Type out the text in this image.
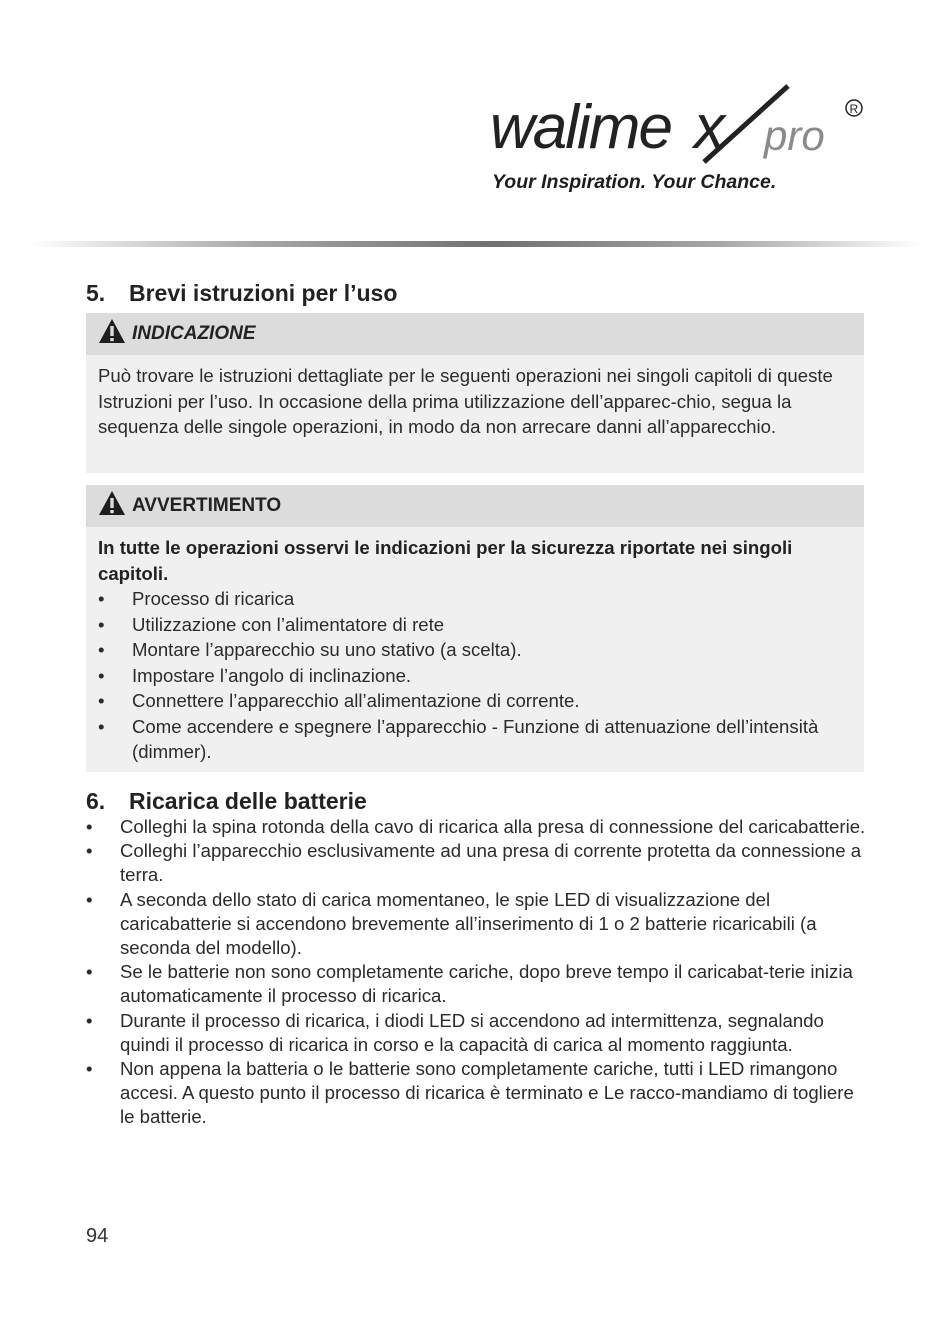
walime x pro
R
Your Inspiration. Your Chance.
5. Brevi istruzioni per l’uso
INDICAZIONE

Può trovare le istruzioni dettagliate per le seguenti operazioni nei singoli capitoli di queste Istruzioni per l’uso. In occasione della prima utilizzazione dell’apparec-chio, segua la sequenza delle singole operazioni, in modo da non arrecare danni all’apparecchio.

AVVERTIMENTO

In tutte le operazioni osservi le indicazioni per la sicurezza riportate nei singoli capitoli.

• Processo di ricarica
• Utilizzazione con l’alimentatore di rete
• Montare l’apparecchio su uno stativo (a scelta).
• Impostare l’angolo di inclinazione.
• Connettere l’apparecchio all’alimentazione di corrente.
• Come accendere e spegnere l’apparecchio - Funzione di attenuazione dell’intensità (dimmer).
6. Ricarica delle batterie
• Colleghi la spina rotonda della cavo di ricarica alla presa di connessione del caricabatterie.
• Colleghi l’apparecchio esclusivamente ad una presa di corrente protetta da connessione a terra.
• A seconda dello stato di carica momentaneo, le spie LED di visualizzazione del caricabatterie si accendono brevemente all’inserimento di 1 o 2 batterie ricaricabili (a seconda del modello).
• Se le batterie non sono completamente cariche, dopo breve tempo il caricabat-terie inizia automaticamente il processo di ricarica.
• Durante il processo di ricarica, i diodi LED si accendono ad intermittenza, segnalando quindi il processo di ricarica in corso e la capacità di carica al momento raggiunta.
• Non appena la batteria o le batterie sono completamente cariche, tutti i LED rimangono accesi. A questo punto il processo di ricarica è terminato e Le racco-mandiamo di togliere le batterie.
94
